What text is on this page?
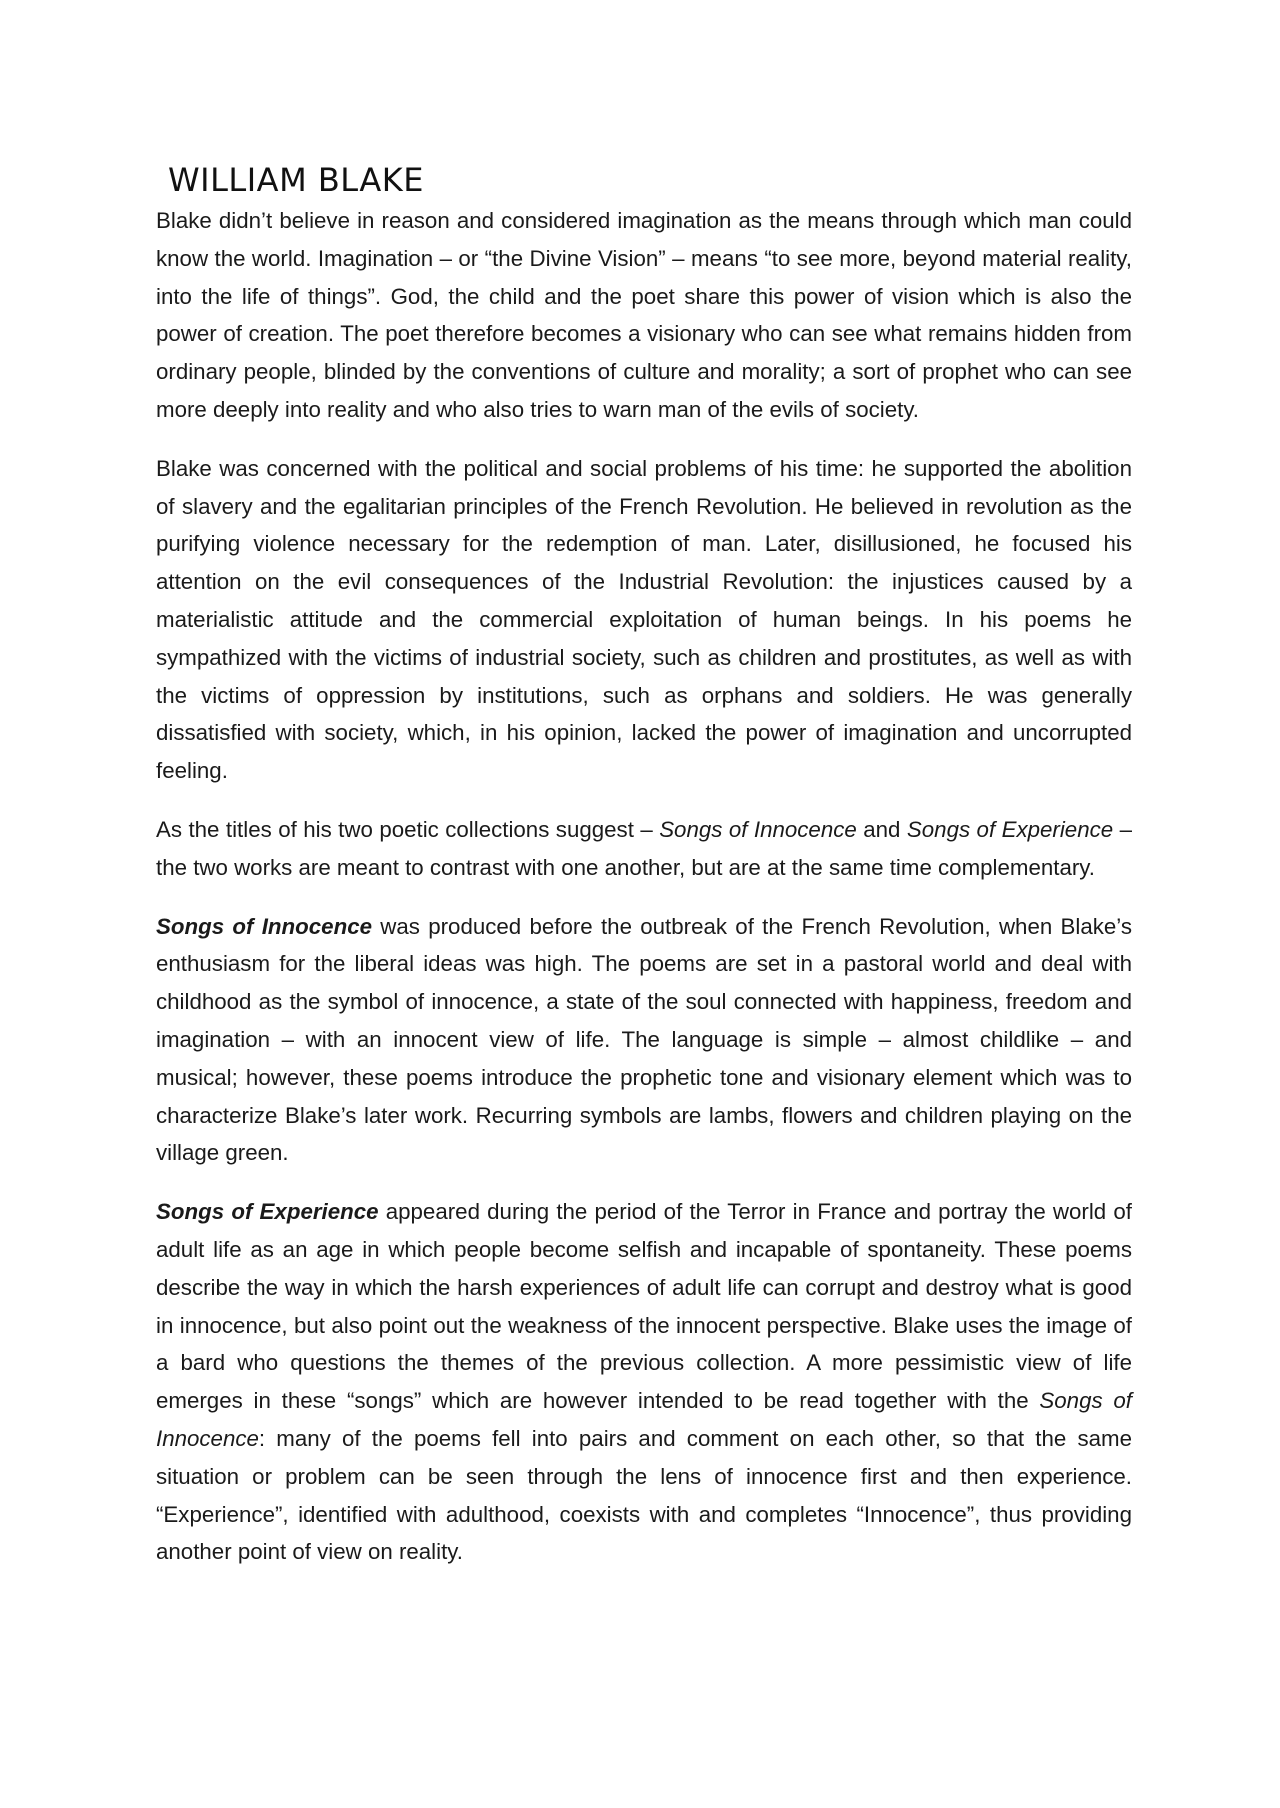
WILLIAM BLAKE

Blake didn’t believe in reason and considered imagination as the means through which man could know the world. Imagination – or “the Divine Vision” – means “to see more, beyond material reality, into the life of things”. God, the child and the poet share this power of vision which is also the power of creation. The poet therefore becomes a visionary who can see what remains hidden from ordinary people, blinded by the conventions of culture and morality; a sort of prophet who can see more deeply into reality and who also tries to warn man of the evils of society.

Blake was concerned with the political and social problems of his time: he supported the abolition of slavery and the egalitarian principles of the French Revolution. He believed in revolution as the purifying violence necessary for the redemption of man. Later, disillusioned, he focused his attention on the evil consequences of the Industrial Revolution: the injustices caused by a materialistic attitude and the commercial exploitation of human beings. In his poems he sympathized with the victims of industrial society, such as children and prostitutes, as well as with the victims of oppression by institutions, such as orphans and soldiers. He was generally dissatisfied with society, which, in his opinion, lacked the power of imagination and uncorrupted feeling.

As the titles of his two poetic collections suggest – Songs of Innocence and Songs of Experience – the two works are meant to contrast with one another, but are at the same time complementary.

Songs of Innocence was produced before the outbreak of the French Revolution, when Blake’s enthusiasm for the liberal ideas was high. The poems are set in a pastoral world and deal with childhood as the symbol of innocence, a state of the soul connected with happiness, freedom and imagination – with an innocent view of life. The language is simple – almost childlike – and musical; however, these poems introduce the prophetic tone and visionary element which was to characterize Blake’s later work. Recurring symbols are lambs, flowers and children playing on the village green.

Songs of Experience appeared during the period of the Terror in France and portray the world of adult life as an age in which people become selfish and incapable of spontaneity. These poems describe the way in which the harsh experiences of adult life can corrupt and destroy what is good in innocence, but also point out the weakness of the innocent perspective. Blake uses the image of a bard who questions the themes of the previous collection. A more pessimistic view of life emerges in these “songs” which are however intended to be read together with the Songs of Innocence: many of the poems fell into pairs and comment on each other, so that the same situation or problem can be seen through the lens of innocence first and then experience. “Experience”, identified with adulthood, coexists with and completes “Innocence”, thus providing another point of view on reality.
